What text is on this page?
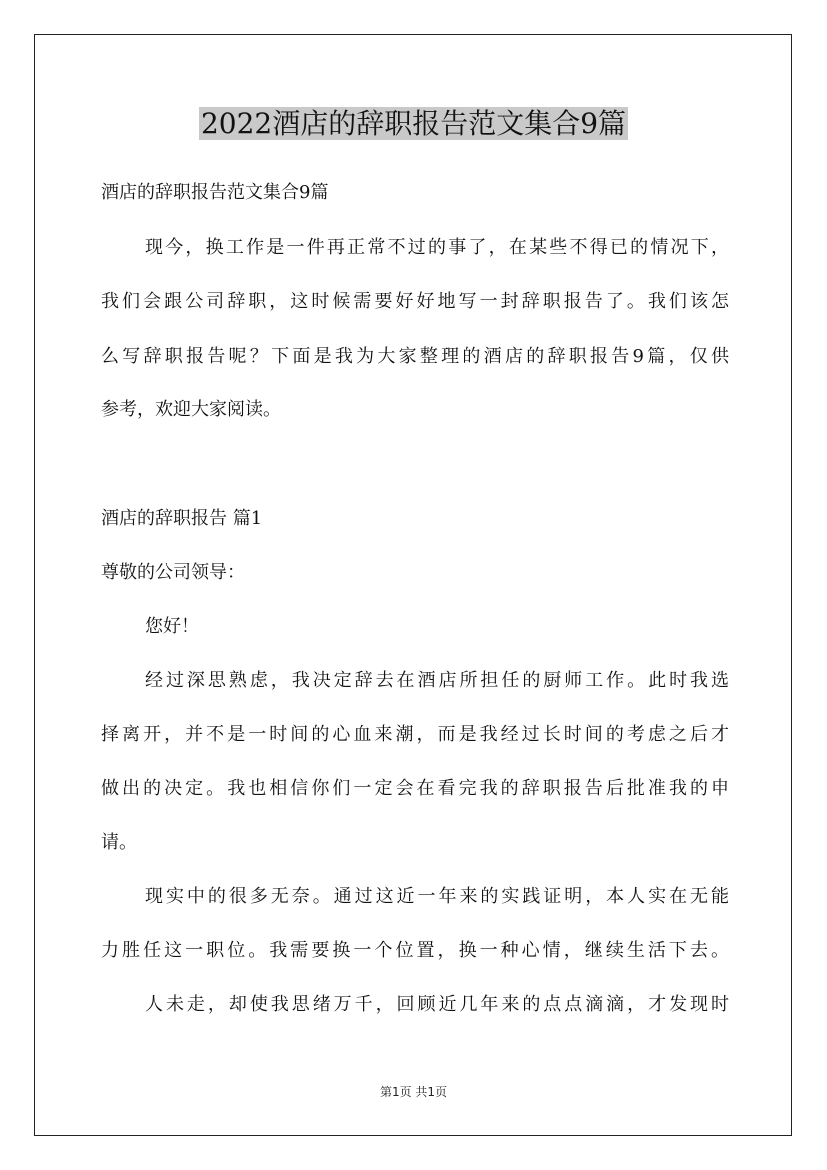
2022酒店的辞职报告范文集合9篇
酒店的辞职报告范文集合9篇
现今，换工作是一件再正常不过的事了，在某些不得已的情况下，
我们会跟公司辞职，这时候需要好好地写一封辞职报告了。我们该怎
么写辞职报告呢？下面是我为大家整理的酒店的辞职报告9篇，仅供
参考，欢迎大家阅读。
酒店的辞职报告 篇1
尊敬的公司领导：
您好！
经过深思熟虑，我决定辞去在酒店所担任的厨师工作。此时我选
择离开，并不是一时间的心血来潮，而是我经过长时间的考虑之后才
做出的决定。我也相信你们一定会在看完我的辞职报告后批准我的申
请。
现实中的很多无奈。通过这近一年来的实践证明，本人实在无能
力胜任这一职位。我需要换一个位置，换一种心情，继续生活下去。
人未走，却使我思绪万千，回顾近几年来的点点滴滴，才发现时
第1页 共1页
